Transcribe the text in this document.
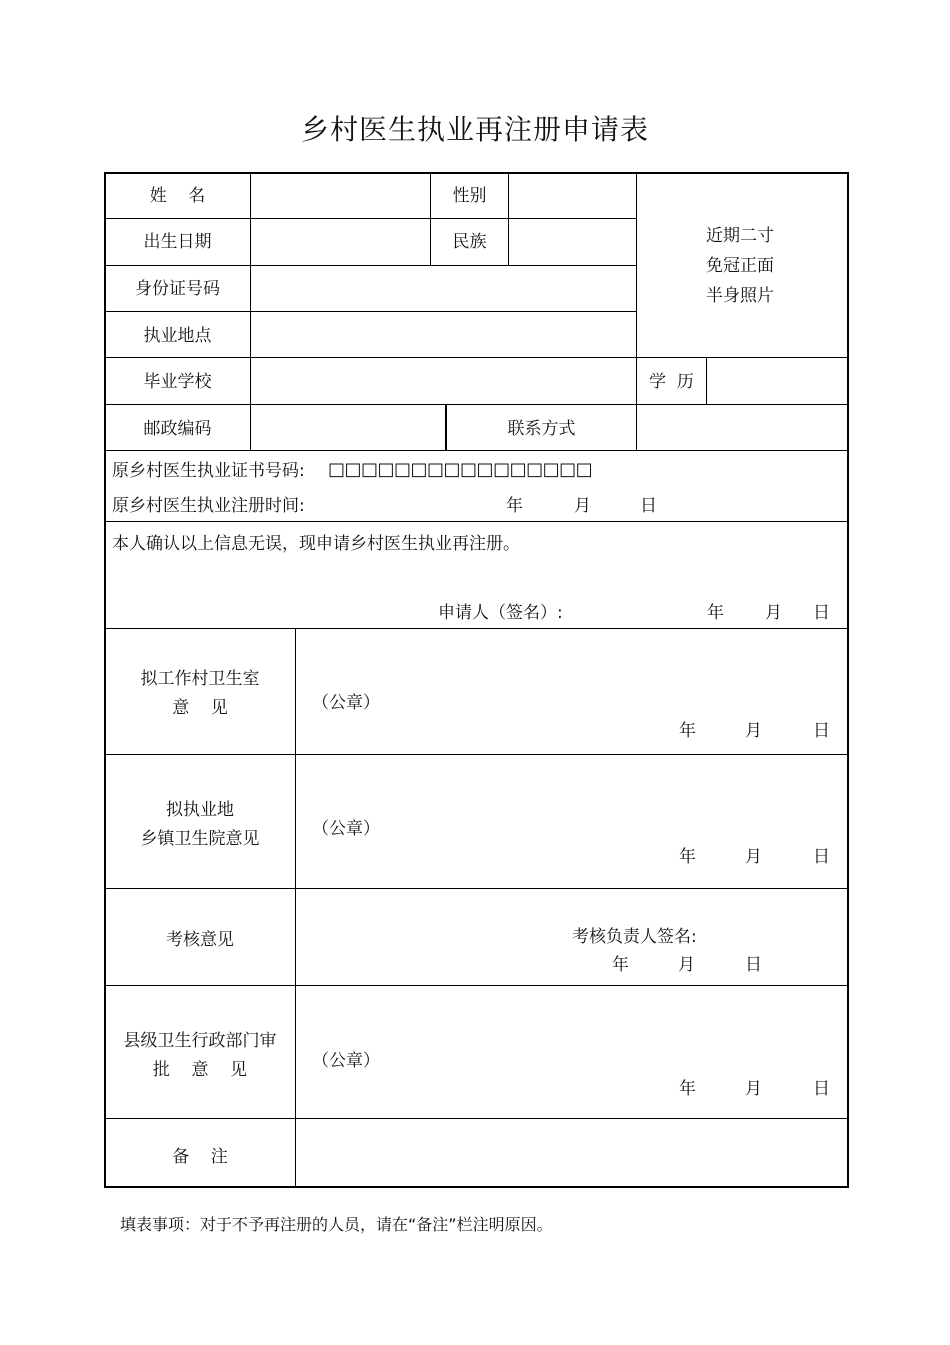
乡村医生执业再注册申请表
姓    名	性别
出生日期	民族
身份证号码
执业地点
毕业学校	学  历
邮政编码	联系方式
近期二寸
免冠正面
半身照片
原乡村医生执业证书号码: □□□□□□□□□□□□□□□□
原乡村医生执业注册时间:	年	月	日
本人确认以上信息无误，现申请乡村医生执业再注册。
申请人（签名）:	年 月 日
拟工作村卫生室
意    见	（公章）
年	月	日
拟执业地
乡镇卫生院意见	（公章）
年	月	日
考核意见	考核负责人签名:
年	月	日
县级卫生行政部门审
批    意    见	（公章）
年	月	日
备    注
填表事项：对于不予再注册的人员，请在“备注”栏注明原因。
